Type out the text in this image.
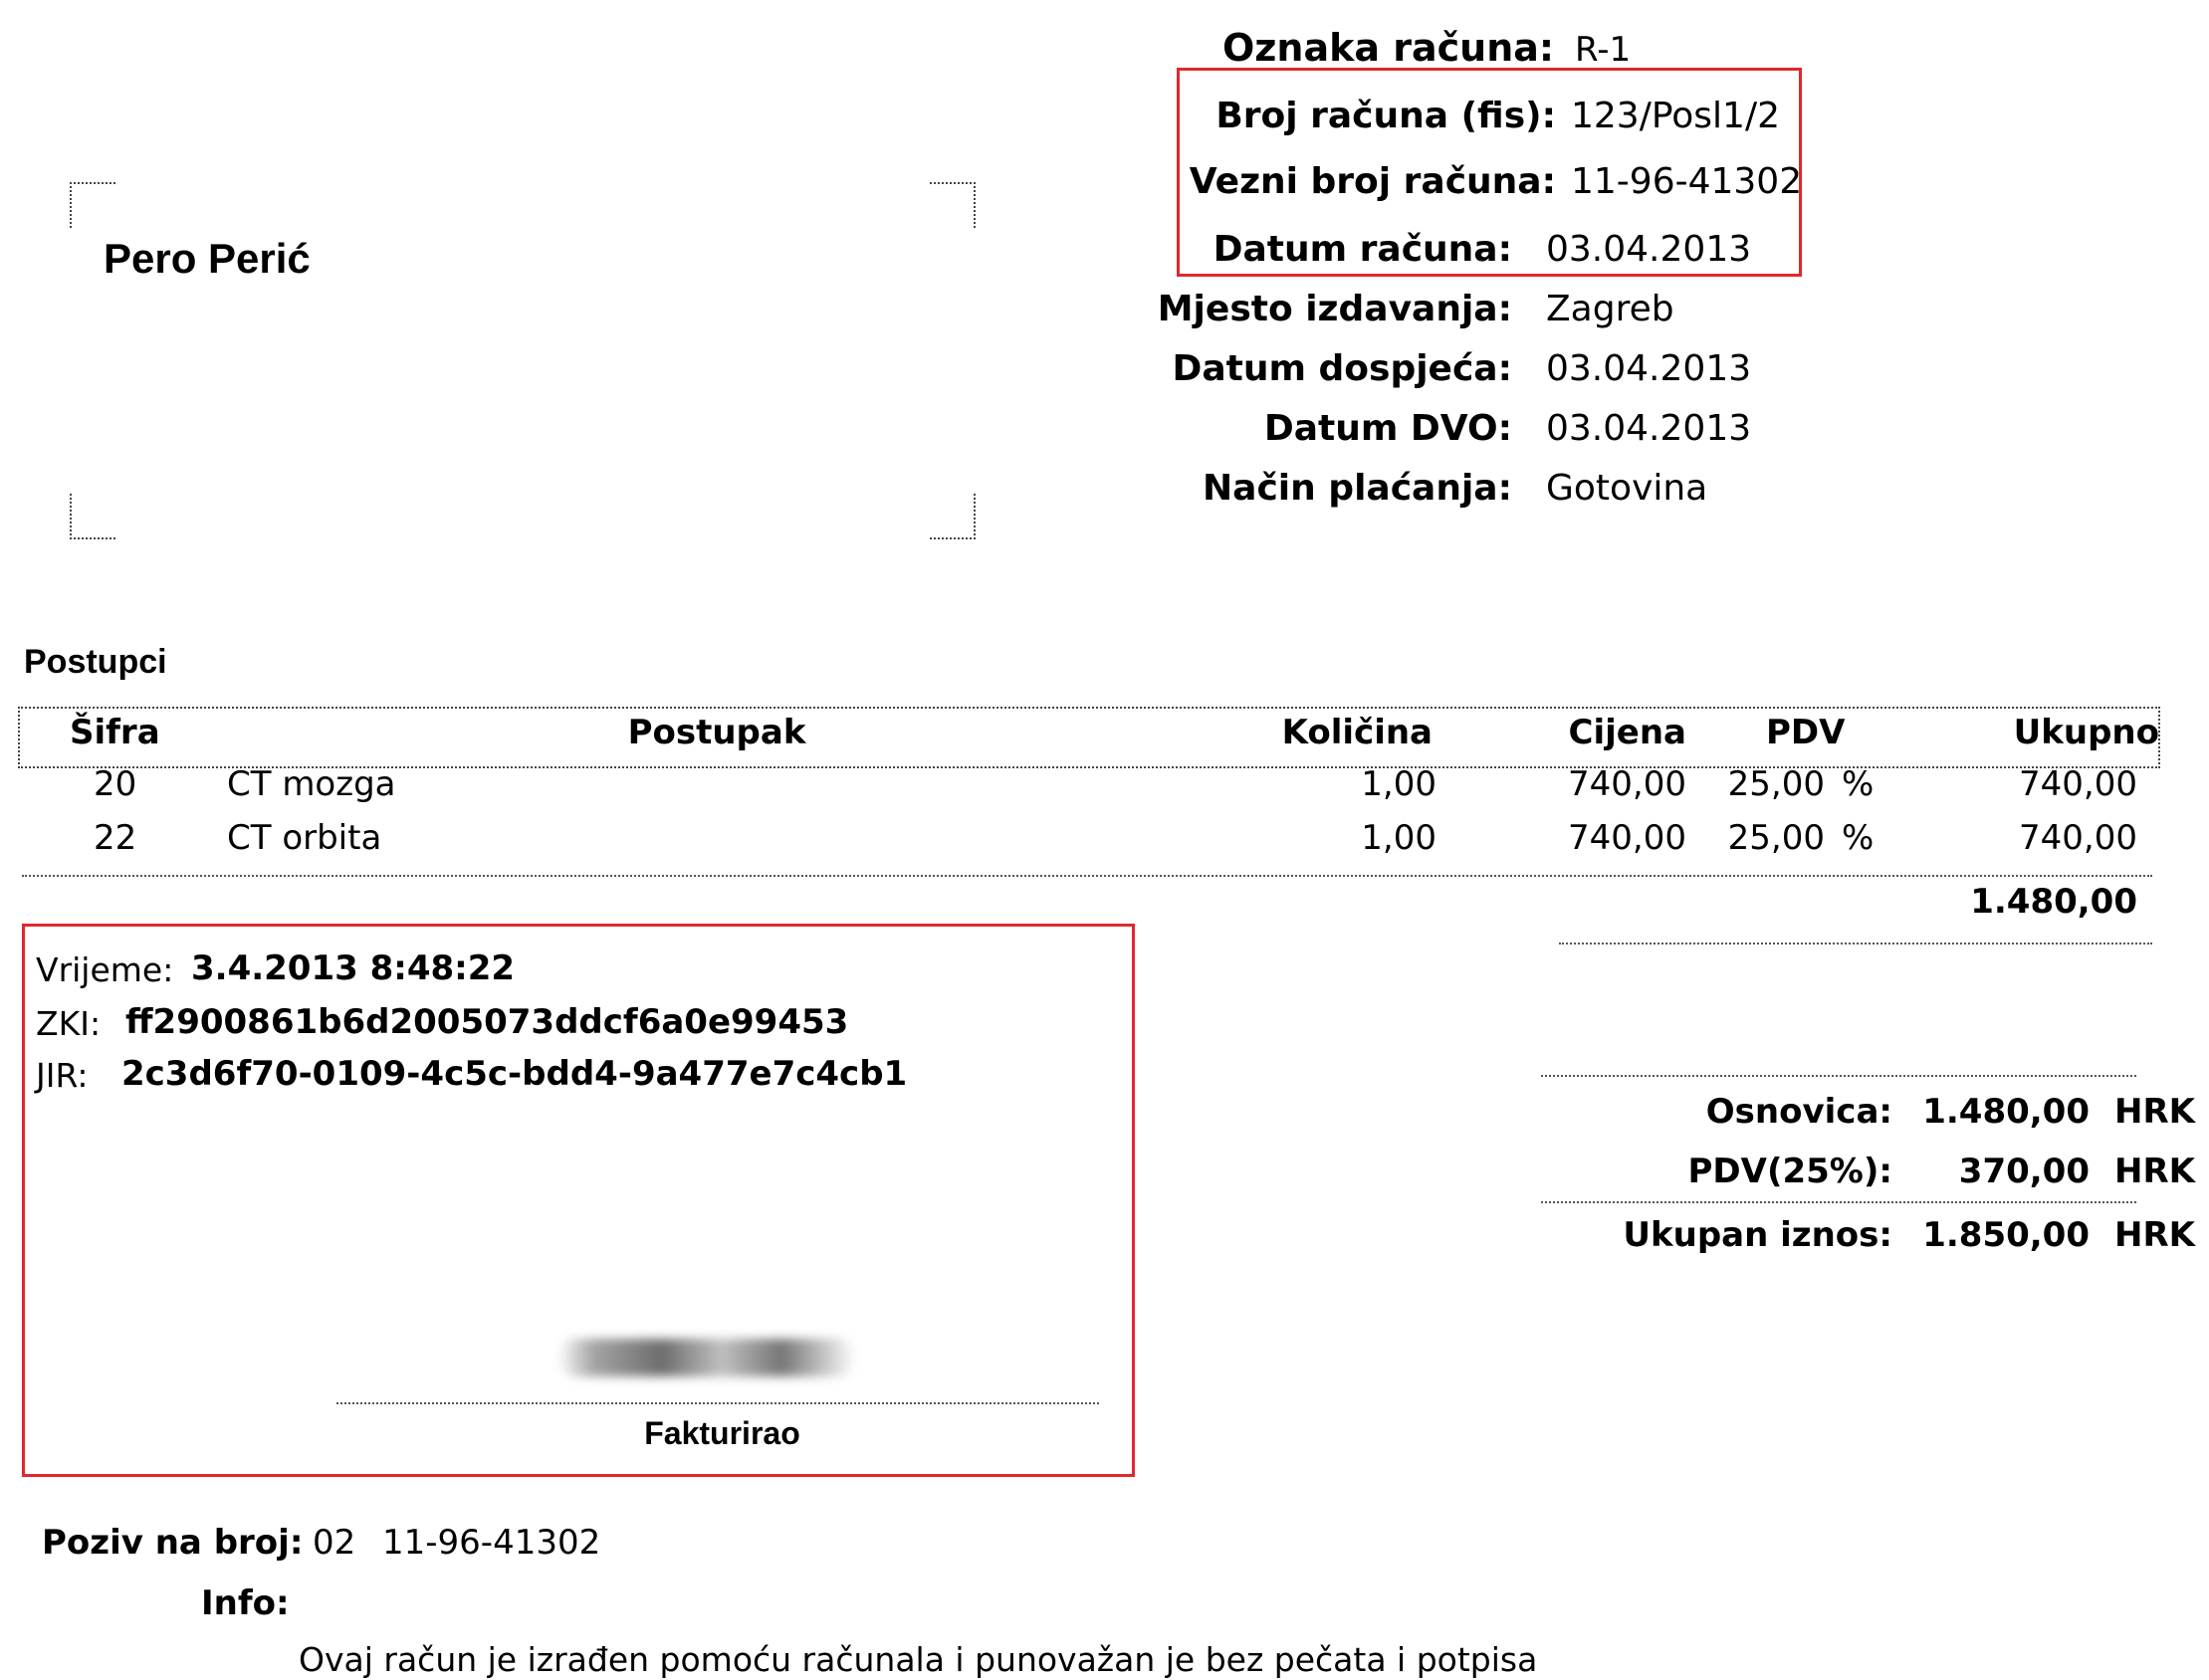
Pero Perić
Oznaka računa: R-1
Broj računa (fis): 123/Posl1/2
Vezni broj računa: 11-96-41302
Datum računa: 03.04.2013
Mjesto izdavanja: Zagreb
Datum dospjeća: 03.04.2013
Datum DVO: 03.04.2013
Način plaćanja: Gotovina
Postupci
Šifra	Postupak	Količina	Cijena PDV	Ukupno
20	CT mozga	1,00	740,00 25,00 %	740,00
22	CT orbita	1,00	740,00 25,00 %	740,00
1.480,00
Vrijeme: 3.4.2013 8:48:22
ZKI: ff2900861b6d2005073ddcf6a0e99453
JIR: 2c3d6f70-0109-4c5c-bdd4-9a477e7c4cb1
Fakturirao
Osnovica: 1.480,00 HRK
PDV(25%): 370,00 HRK
Ukupan iznos: 1.850,00 HRK
Poziv na broj: 02 11-96-41302
Info:
Ovaj račun je izrađen pomoću računala i punovažan je bez pečata i potpisa
